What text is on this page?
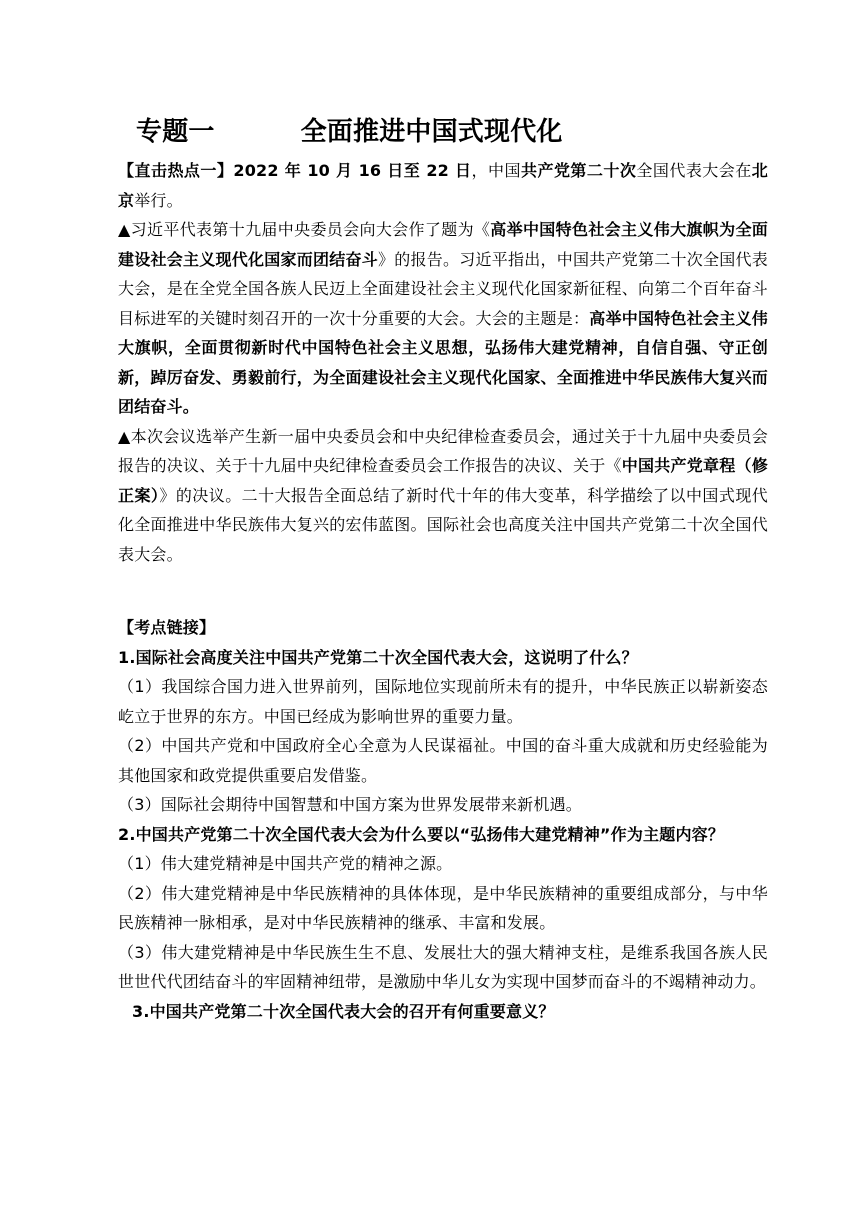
专题一	全面推进中国式现代化

【直击热点一】2022 年 10 月 16 日至 22 日，中国共产党第二十次全国代表大会在北京举行。

▲习近平代表第十九届中央委员会向大会作了题为《高举中国特色社会主义伟大旗帜为全面建设社会主义现代化国家而团结奋斗》的报告。习近平指出，中国共产党第二十次全国代表大会，是在全党全国各族人民迈上全面建设社会主义现代化国家新征程、向第二个百年奋斗目标进军的关键时刻召开的一次十分重要的大会。大会的主题是：高举中国特色社会主义伟大旗帜，全面贯彻新时代中国特色社会主义思想，弘扬伟大建党精神，自信自强、守正创新，踔厉奋发、勇毅前行，为全面建设社会主义现代化国家、全面推进中华民族伟大复兴而团结奋斗。

▲本次会议选举产生新一届中央委员会和中央纪律检查委员会，通过关于十九届中央委员会报告的决议、关于十九届中央纪律检查委员会工作报告的决议、关于《中国共产党章程（修正案）》的决议。二十大报告全面总结了新时代十年的伟大变革，科学描绘了以中国式现代化全面推进中华民族伟大复兴的宏伟蓝图。国际社会也高度关注中国共产党第二十次全国代表大会。

【考点链接】

1.国际社会高度关注中国共产党第二十次全国代表大会，这说明了什么？

（1）我国综合国力进入世界前列，国际地位实现前所未有的提升，中华民族正以崭新姿态屹立于世界的东方。中国已经成为影响世界的重要力量。

（2）中国共产党和中国政府全心全意为人民谋福祉。中国的奋斗重大成就和历史经验能为其他国家和政党提供重要启发借鉴。

（3）国际社会期待中国智慧和中国方案为世界发展带来新机遇。

2.中国共产党第二十次全国代表大会为什么要以“弘扬伟大建党精神”作为主题内容？

（1）伟大建党精神是中国共产党的精神之源。

（2）伟大建党精神是中华民族精神的具体体现，是中华民族精神的重要组成部分，与中华民族精神一脉相承，是对中华民族精神的继承、丰富和发展。

（3）伟大建党精神是中华民族生生不息、发展壮大的强大精神支柱，是维系我国各族人民世世代代团结奋斗的牢固精神纽带，是激励中华儿女为实现中国梦而奋斗的不竭精神动力。

3.中国共产党第二十次全国代表大会的召开有何重要意义？
